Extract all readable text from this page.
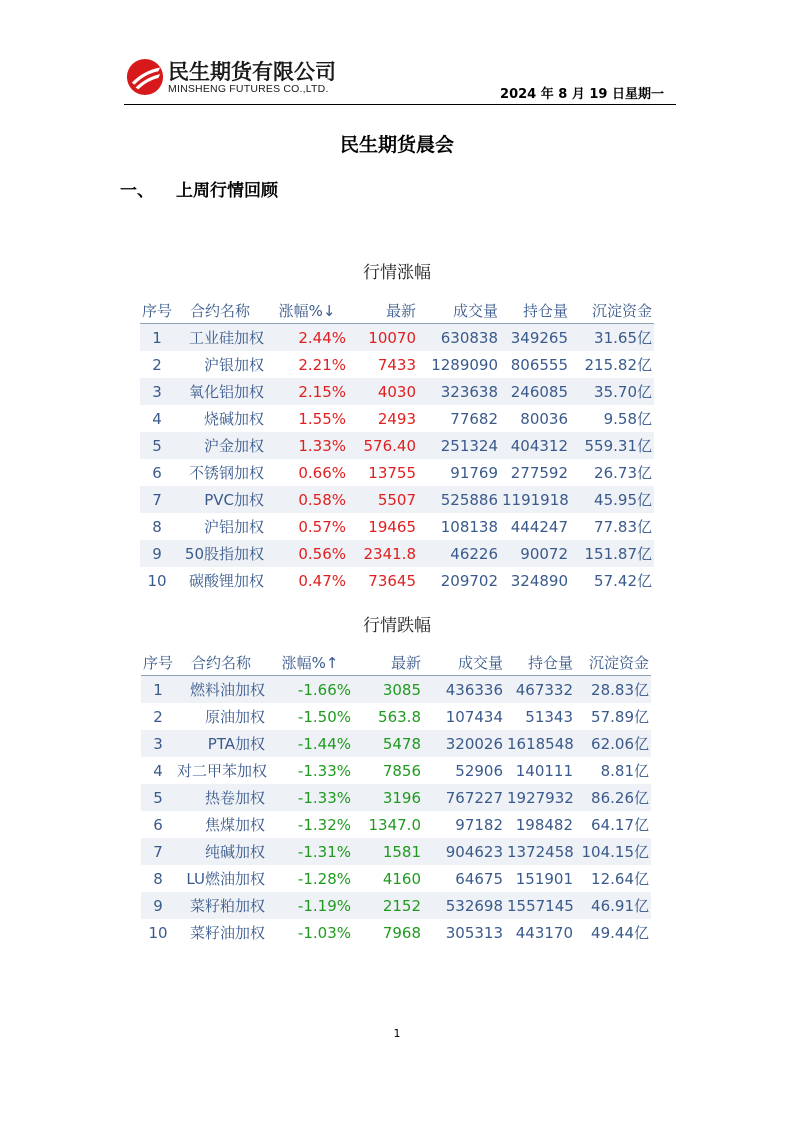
民生期货有限公司
MINSHENG FUTURES CO.,LTD.	2024 年 8 月 19 日星期一
民生期货晨会
一、 上周行情回顾
行情涨幅
序号	合约名称	涨幅%↓	最新	成交量	持仓量	沉淀资金
1	工业硅加权	2.44%	10070	630838	349265	31.65亿
2	沪银加权	2.21%	7433	1289090	806555	215.82亿
3	氧化铝加权	2.15%	4030	323638	246085	35.70亿
4	烧碱加权	1.55%	2493	77682	80036	9.58亿
5	沪金加权	1.33%	576.40	251324	404312	559.31亿
6	不锈钢加权	0.66%	13755	91769	277592	26.73亿
7	PVC加权	0.58%	5507	525886	1191918	45.95亿
8	沪铝加权	0.57%	19465	108138	444247	77.83亿
9	50股指加权	0.56%	2341.8	46226	90072	151.87亿
10	碳酸锂加权	0.47%	73645	209702	324890	57.42亿
行情跌幅
序号	合约名称	涨幅%↑	最新	成交量	持仓量	沉淀资金
1	燃料油加权	-1.66%	3085	436336	467332	28.83亿
2	原油加权	-1.50%	563.8	107434	51343	57.89亿
3	PTA加权	-1.44%	5478	320026	1618548	62.06亿
4	对二甲苯加权	-1.33%	7856	52906	140111	8.81亿
5	热卷加权	-1.33%	3196	767227	1927932	86.26亿
6	焦煤加权	-1.32%	1347.0	97182	198482	64.17亿
7	纯碱加权	-1.31%	1581	904623	1372458	104.15亿
8	LU燃油加权	-1.28%	4160	64675	151901	12.64亿
9	菜籽粕加权	-1.19%	2152	532698	1557145	46.91亿
10	菜籽油加权	-1.03%	7968	305313	443170	49.44亿
1
